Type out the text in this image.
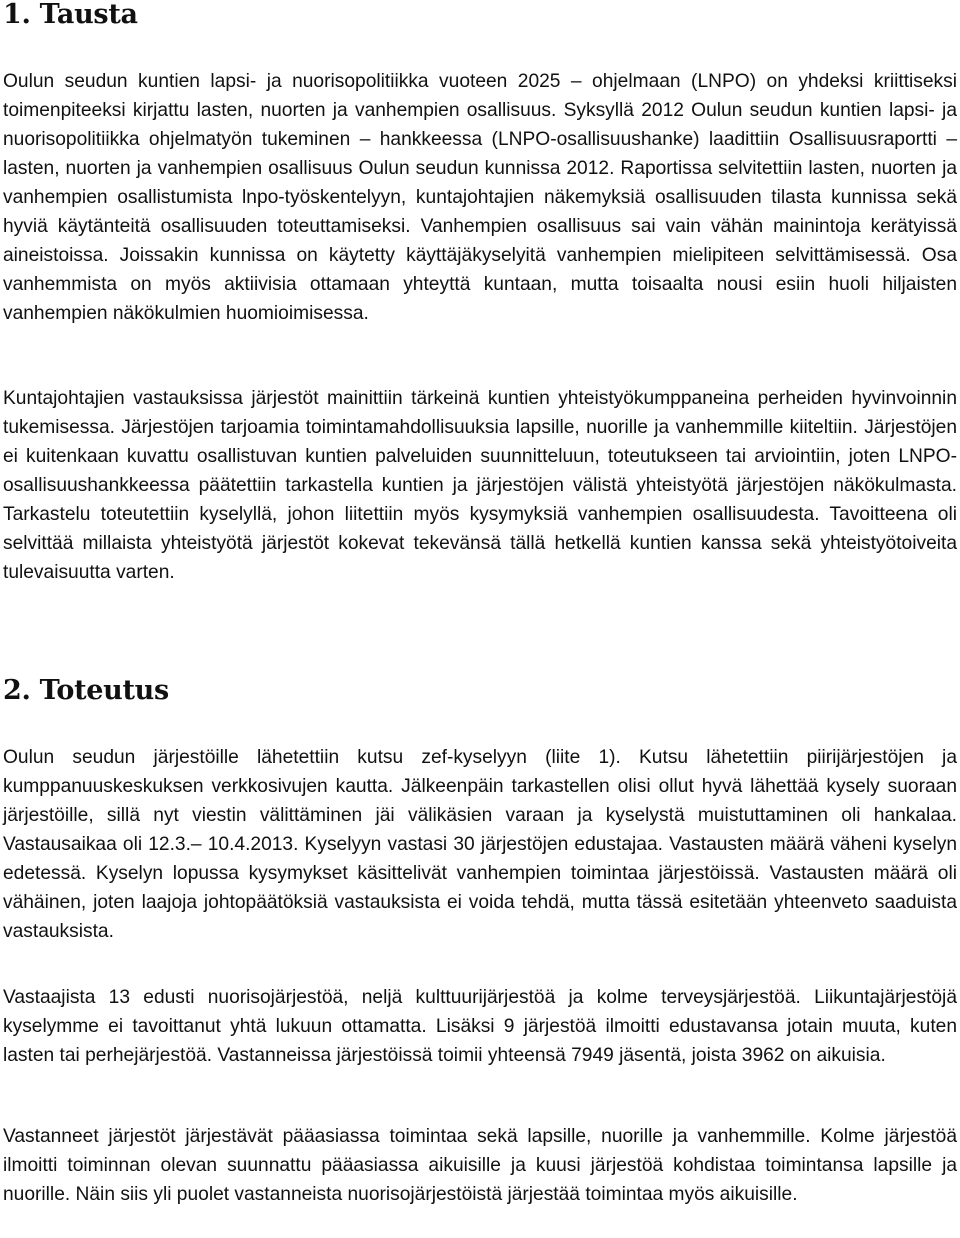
1. Tausta

Oulun seudun kuntien lapsi- ja nuorisopolitiikka vuoteen 2025 – ohjelmaan (LNPO) on yhdeksi kriittiseksi toimenpiteeksi kirjattu lasten, nuorten ja vanhempien osallisuus. Syksyllä 2012 Oulun seudun kuntien lapsi- ja nuorisopolitiikka ohjelmatyön tukeminen – hankkeessa (LNPO-osallisuushanke) laadittiin Osallisuusraportti – lasten, nuorten ja vanhempien osallisuus Oulun seudun kunnissa 2012. Raportissa selvitettiin lasten, nuorten ja vanhempien osallistumista lnpo-työskentelyyn, kuntajohtajien näkemyksiä osallisuuden tilasta kunnissa sekä hyviä käytänteitä osallisuuden toteuttamiseksi. Vanhempien osallisuus sai vain vähän mainintoja kerätyissä aineistoissa. Joissakin kunnissa on käytetty käyttäjäkyselyitä vanhempien mielipiteen selvittämisessä. Osa vanhemmista on myös aktiivisia ottamaan yhteyttä kuntaan, mutta toisaalta nousi esiin huoli hiljaisten vanhempien näkökulmien huomioimisessa.

Kuntajohtajien vastauksissa järjestöt mainittiin tärkeinä kuntien yhteistyökumppaneina perheiden hyvinvoinnin tukemisessa. Järjestöjen tarjoamia toimintamahdollisuuksia lapsille, nuorille ja vanhemmille kiiteltiin. Järjestöjen ei kuitenkaan kuvattu osallistuvan kuntien palveluiden suunnitteluun, toteutukseen tai arviointiin, joten LNPO-osallisuushankkeessa päätettiin tarkastella kuntien ja järjestöjen välistä yhteistyötä järjestöjen näkökulmasta. Tarkastelu toteutettiin kyselyllä, johon liitettiin myös kysymyksiä vanhempien osallisuudesta. Tavoitteena oli selvittää millaista yhteistyötä järjestöt kokevat tekevänsä tällä hetkellä kuntien kanssa sekä yhteistyötoiveita tulevaisuutta varten.

2. Toteutus

Oulun seudun järjestöille lähetettiin kutsu zef-kyselyyn (liite 1). Kutsu lähetettiin piirijärjestöjen ja kumppanuuskeskuksen verkkosivujen kautta. Jälkeenpäin tarkastellen olisi ollut hyvä lähettää kysely suoraan järjestöille, sillä nyt viestin välittäminen jäi välikäsien varaan ja kyselystä muistuttaminen oli hankalaa. Vastausaikaa oli 12.3.– 10.4.2013. Kyselyyn vastasi 30 järjestöjen edustajaa. Vastausten määrä väheni kyselyn edetessä. Kyselyn lopussa kysymykset käsittelivät vanhempien toimintaa järjestöissä. Vastausten määrä oli vähäinen, joten laajoja johtopäätöksiä vastauksista ei voida tehdä, mutta tässä esitetään yhteenveto saaduista vastauksista.

Vastaajista 13 edusti nuorisojärjestöä, neljä kulttuurijärjestöä ja kolme terveysjärjestöä. Liikuntajärjestöjä kyselymme ei tavoittanut yhtä lukuun ottamatta. Lisäksi 9 järjestöä ilmoitti edustavansa jotain muuta, kuten lasten tai perhejärjestöä. Vastanneissa järjestöissä toimii yhteensä 7949 jäsentä, joista 3962 on aikuisia.

Vastanneet järjestöt järjestävät pääasiassa toimintaa sekä lapsille, nuorille ja vanhemmille. Kolme järjestöä ilmoitti toiminnan olevan suunnattu pääasiassa aikuisille ja kuusi järjestöä kohdistaa toimintansa lapsille ja nuorille. Näin siis yli puolet vastanneista nuorisojärjestöistä järjestää toimintaa myös aikuisille.
